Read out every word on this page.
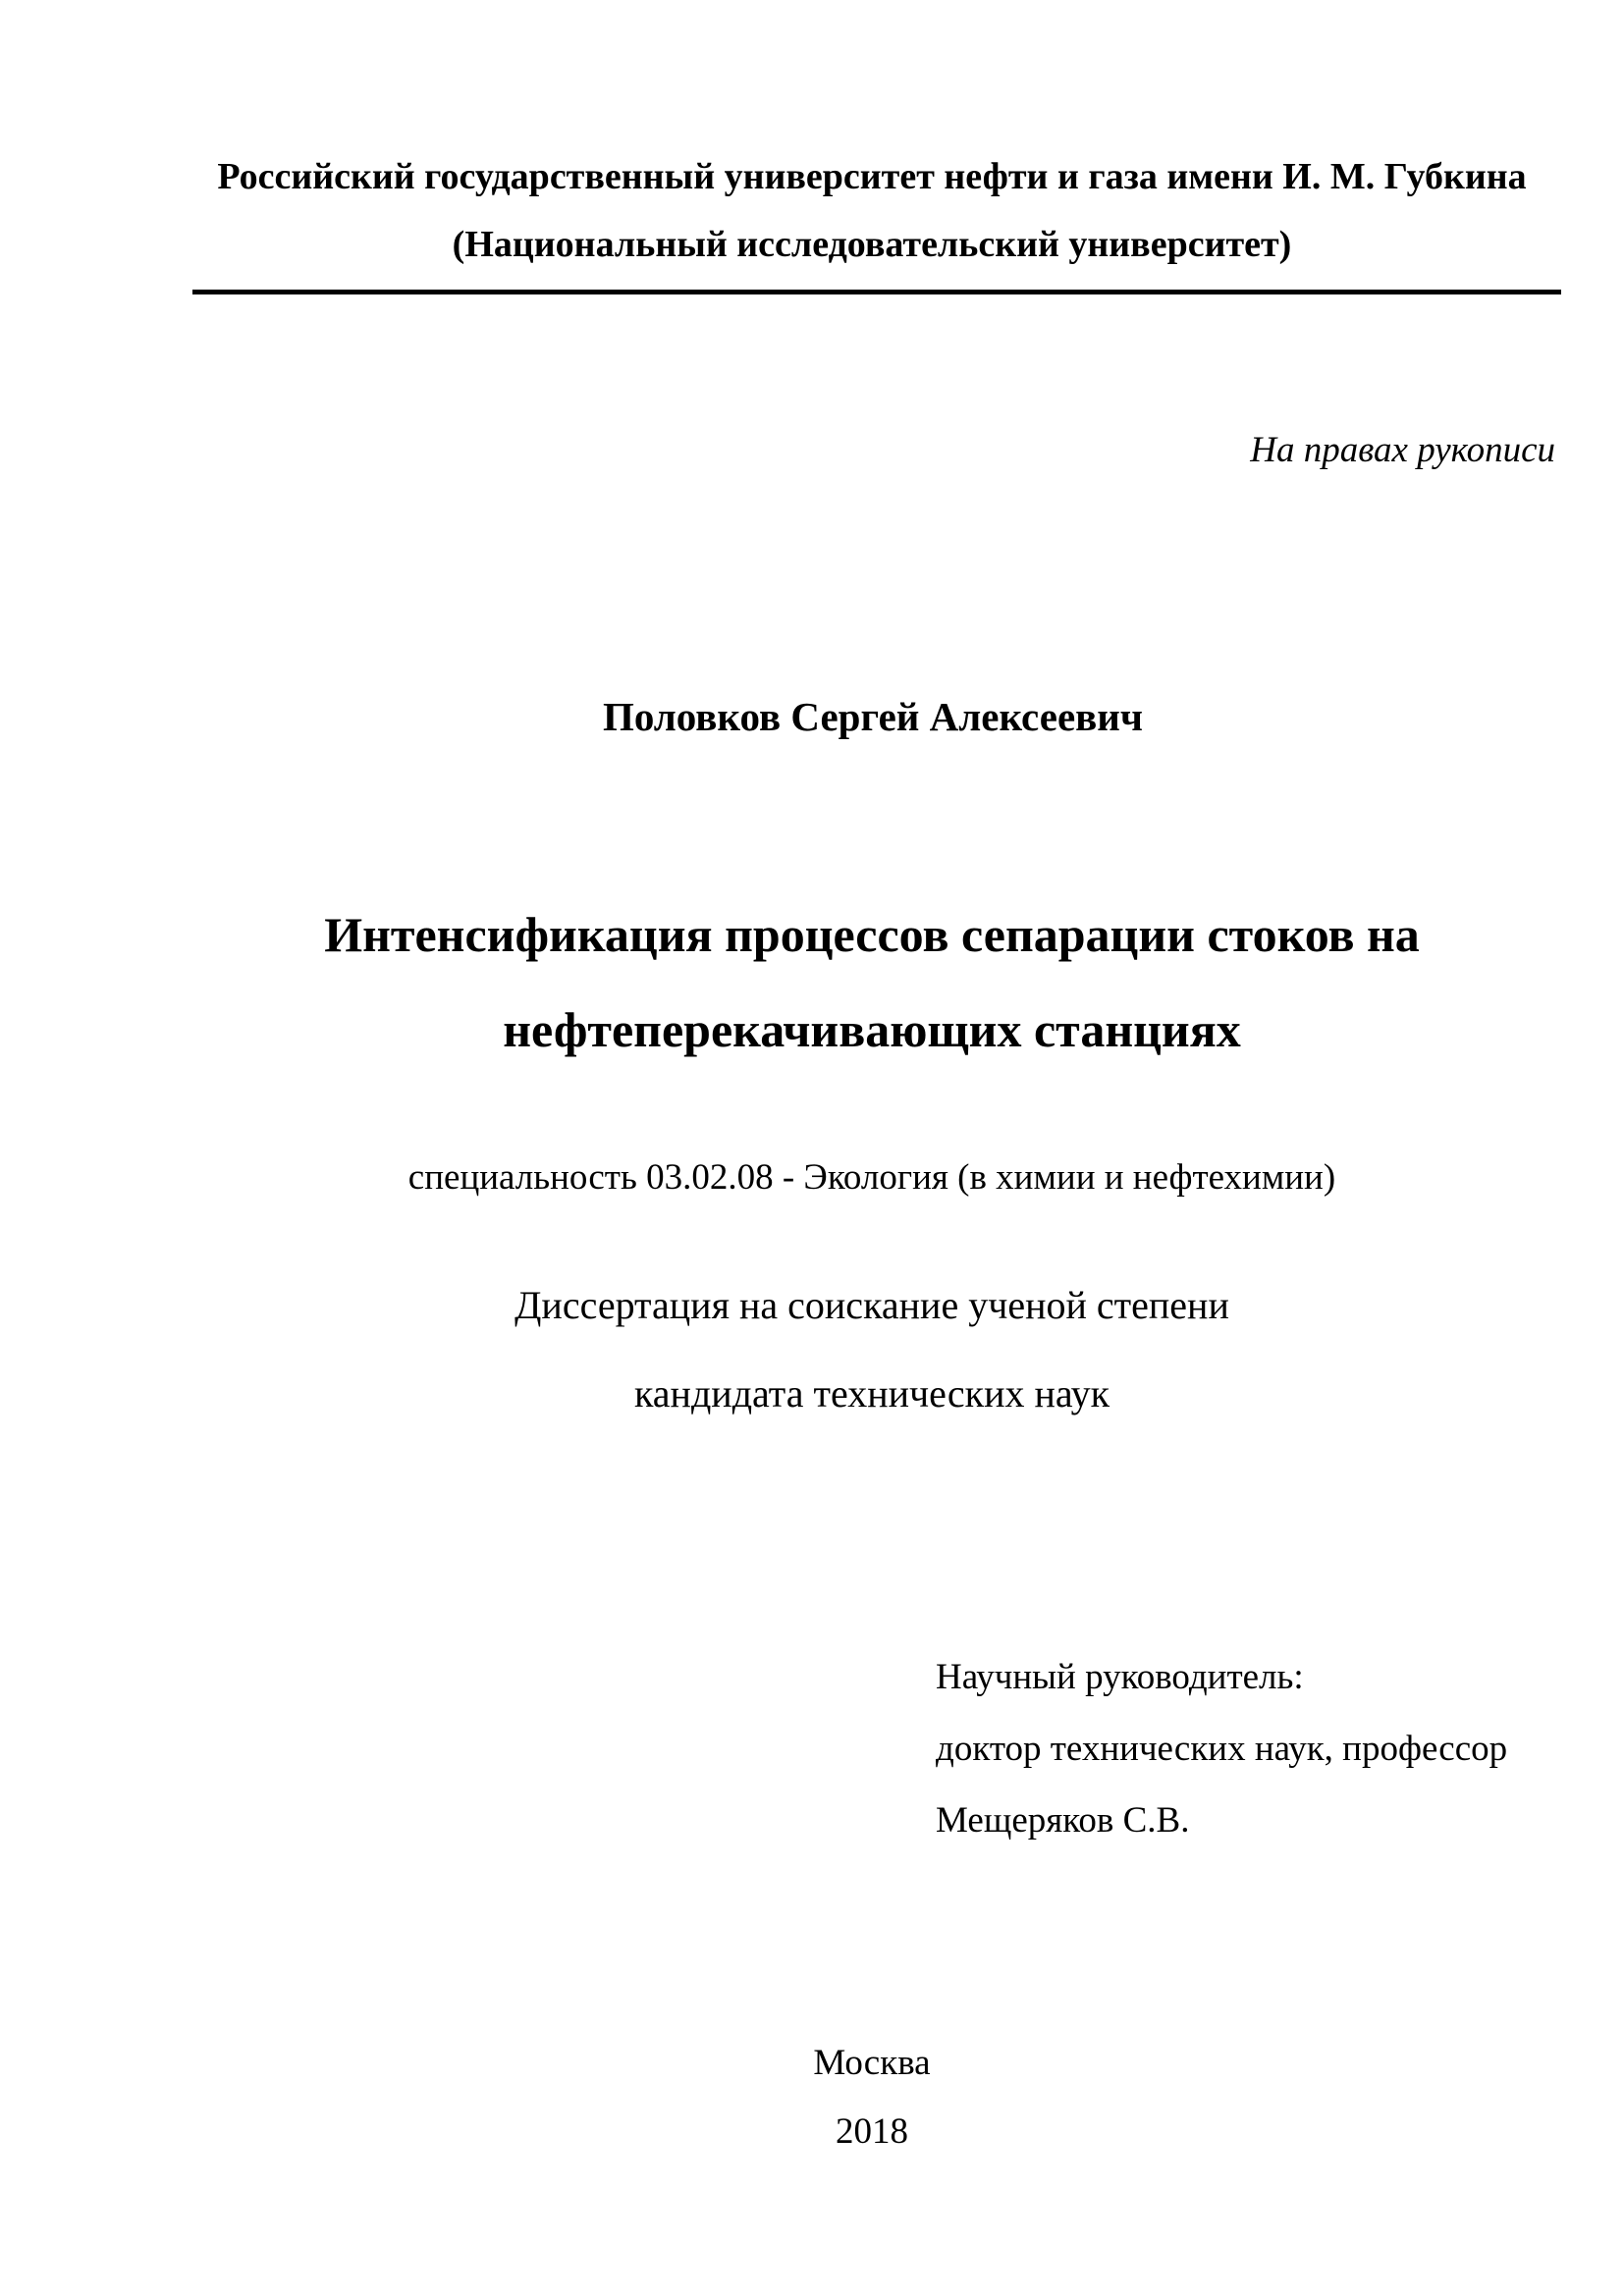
Российский государственный университет нефти и газа имени И. М. Губкина
(Национальный исследовательский университет)
На правах рукописи
Половков Сергей Алексеевич
Интенсификация процессов сепарации стоков на
нефтеперекачивающих станциях
специальность 03.02.08 - Экология (в химии и нефтехимии)
Диссертация на соискание ученой степени
кандидата технических наук
Научный руководитель:
доктор технических наук, профессор
Мещеряков С.В.
Москва
2018
